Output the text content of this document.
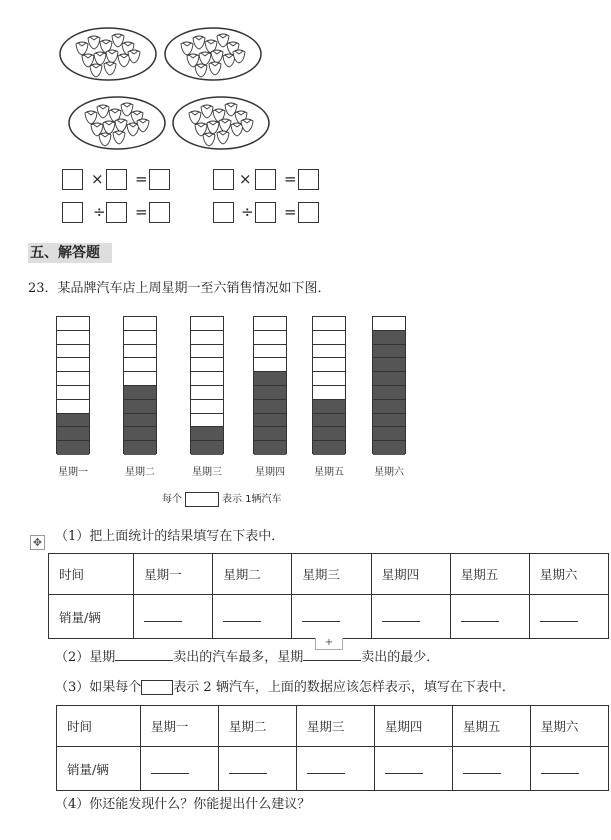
× =	× =
÷ =	÷ =
五、解答题
23．某品牌汽车店上周星期一至六销售情况如下图．
星期一	星期二	星期三	星期四	星期五	星期六
每个	表示 1辆汽车
✥ （1）把上面统计的结果填写在下表中．
时间	星期一	星期二	星期三	星期四	星期五	星期六
销量/辆						
+
（2）星期	卖出的汽车最多，星期	卖出的最少．
（3）如果每个 表示 2 辆汽车，上面的数据应该怎样表示，填写在下表中．
时间	星期一	星期二	星期三	星期四	星期五	星期六
销量/辆						
（4）你还能发现什么？你能提出什么建议？
